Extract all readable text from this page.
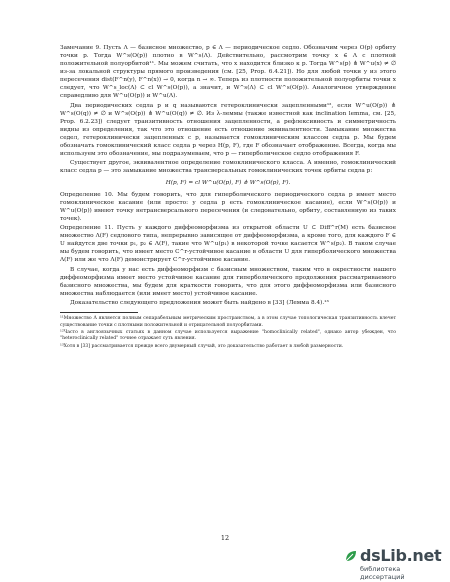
Замечание 9. Пусть Λ — базисное множество, p ∈ Λ — периодическое седло. Обозначим через O(p) орбиту точки p. Тогда W^s(O(p)) плотно в W^s(Λ). Действительно, рассмотрим точку x ∈ Λ с плотной положительной полуорбитой¹¹. Мы можем считать, что x находится близко к p. Тогда W^s(p) ⋔ W^u(x) ≠ ∅ из-за локальной структуры прямого произведения (см. [25, Prop. 6.4.21]). Но для любой точки y из этого пересечения dist(F^n(y), F^n(x)) → 0, когда n → ∞. Теперь из плотности положительной полуорбиты точки x следует, что W^s_loc(Λ) ⊂ cl W^s(O(p)), а значит, и W^s(Λ) ⊂ cl W^s(O(p)). Аналогичное утверждение справедливо для W^u(O(p)) и W^u(Λ).

Два периодических седла p и q называются гетероклинически зацепленными¹², если W^u(O(p)) ⋔ W^s(O(q)) ≠ ∅ и W^s(O(p)) ⋔ W^u(O(q)) ≠ ∅. Из λ-леммы (также известной как inclination lemma, см. [25, Prop. 6.2.23]) следует транзитивность отношения зацепленности, а рефлексивность и симметричность видны из определения, так что это отношение есть отношение эквивалентности. Замыкание множества седел, гетероклинически зацепленных с p, называется гомоклиническим классом седла p. Мы будем обозначать гомоклинический класс седла p через H(p, F), где F обозначает отображение. Всегда, когда мы используем это обозначение, мы подразумеваем, что p — гиперболическое седло отображения F.

Существует другое, эквивалентное определение гомоклинического класса. А именно, гомоклинический класс седла p — это замыкание множества трансверсальных гомоклинических точек орбиты седла p:

H(p, F) = cl W^u(O(p), F) ⋔ W^s(O(p), F).

Определение 10. Мы будем говорить, что для гиперболического периодического седла p имеет место гомоклиническое касание (или просто: у седла p есть гомоклиническое касание), если W^s(O(p)) и W^u(O(p)) имеют точку нетрансверсального пересечения (и следовательно, орбиту, составленную из таких точек).

Определение 11. Пусть у каждого диффеоморфизма из открытой области U ⊂ Diff^r(M) есть базисное множество Λ(F) седлового типа, непрерывно зависящее от диффеоморфизма, а кроме того, для каждого F ∈ U найдутся две точки p₁, p₂ ∈ Λ(F), такие что W^u(p₁) в некоторой точке касается W^s(p₂). В таком случае мы будем говорить, что имеет место C^r-устойчивое касание в области U для гиперболического множества Λ(F) или же что Λ(F) демонстрирует C^r-устойчивое касание.

В случае, когда у нас есть диффеоморфизм с базисным множеством, таким что в окрестности нашего диффеоморфизма имеет место устойчивое касание для гиперболического продолжения рассматриваемого базисного множества, мы будем для краткости говорить, что для этого диффеоморфизма или базисного множества наблюдается (или имеет место) устойчивое касание.

Доказательство следующего предложения может быть найдено в [33] (Лемма 8.4).¹³

¹¹Множество Λ является полным сепарабельным метрическим пространством, а в этом случае топологическая транзитивность влечет существование точки с плотными положительной и отрицательной полуорбитами.

¹²Часто в англоязычных статьях в данном случае используется выражение "homoclinically related", однако автор убежден, что "heteroclinically related" точнее отражает суть явления.

¹³Хотя в [33] рассматривается прежде всего двумерный случай, это доказательство работает в любой размерности.

12
dsLib.net
библиотека диссертаций
